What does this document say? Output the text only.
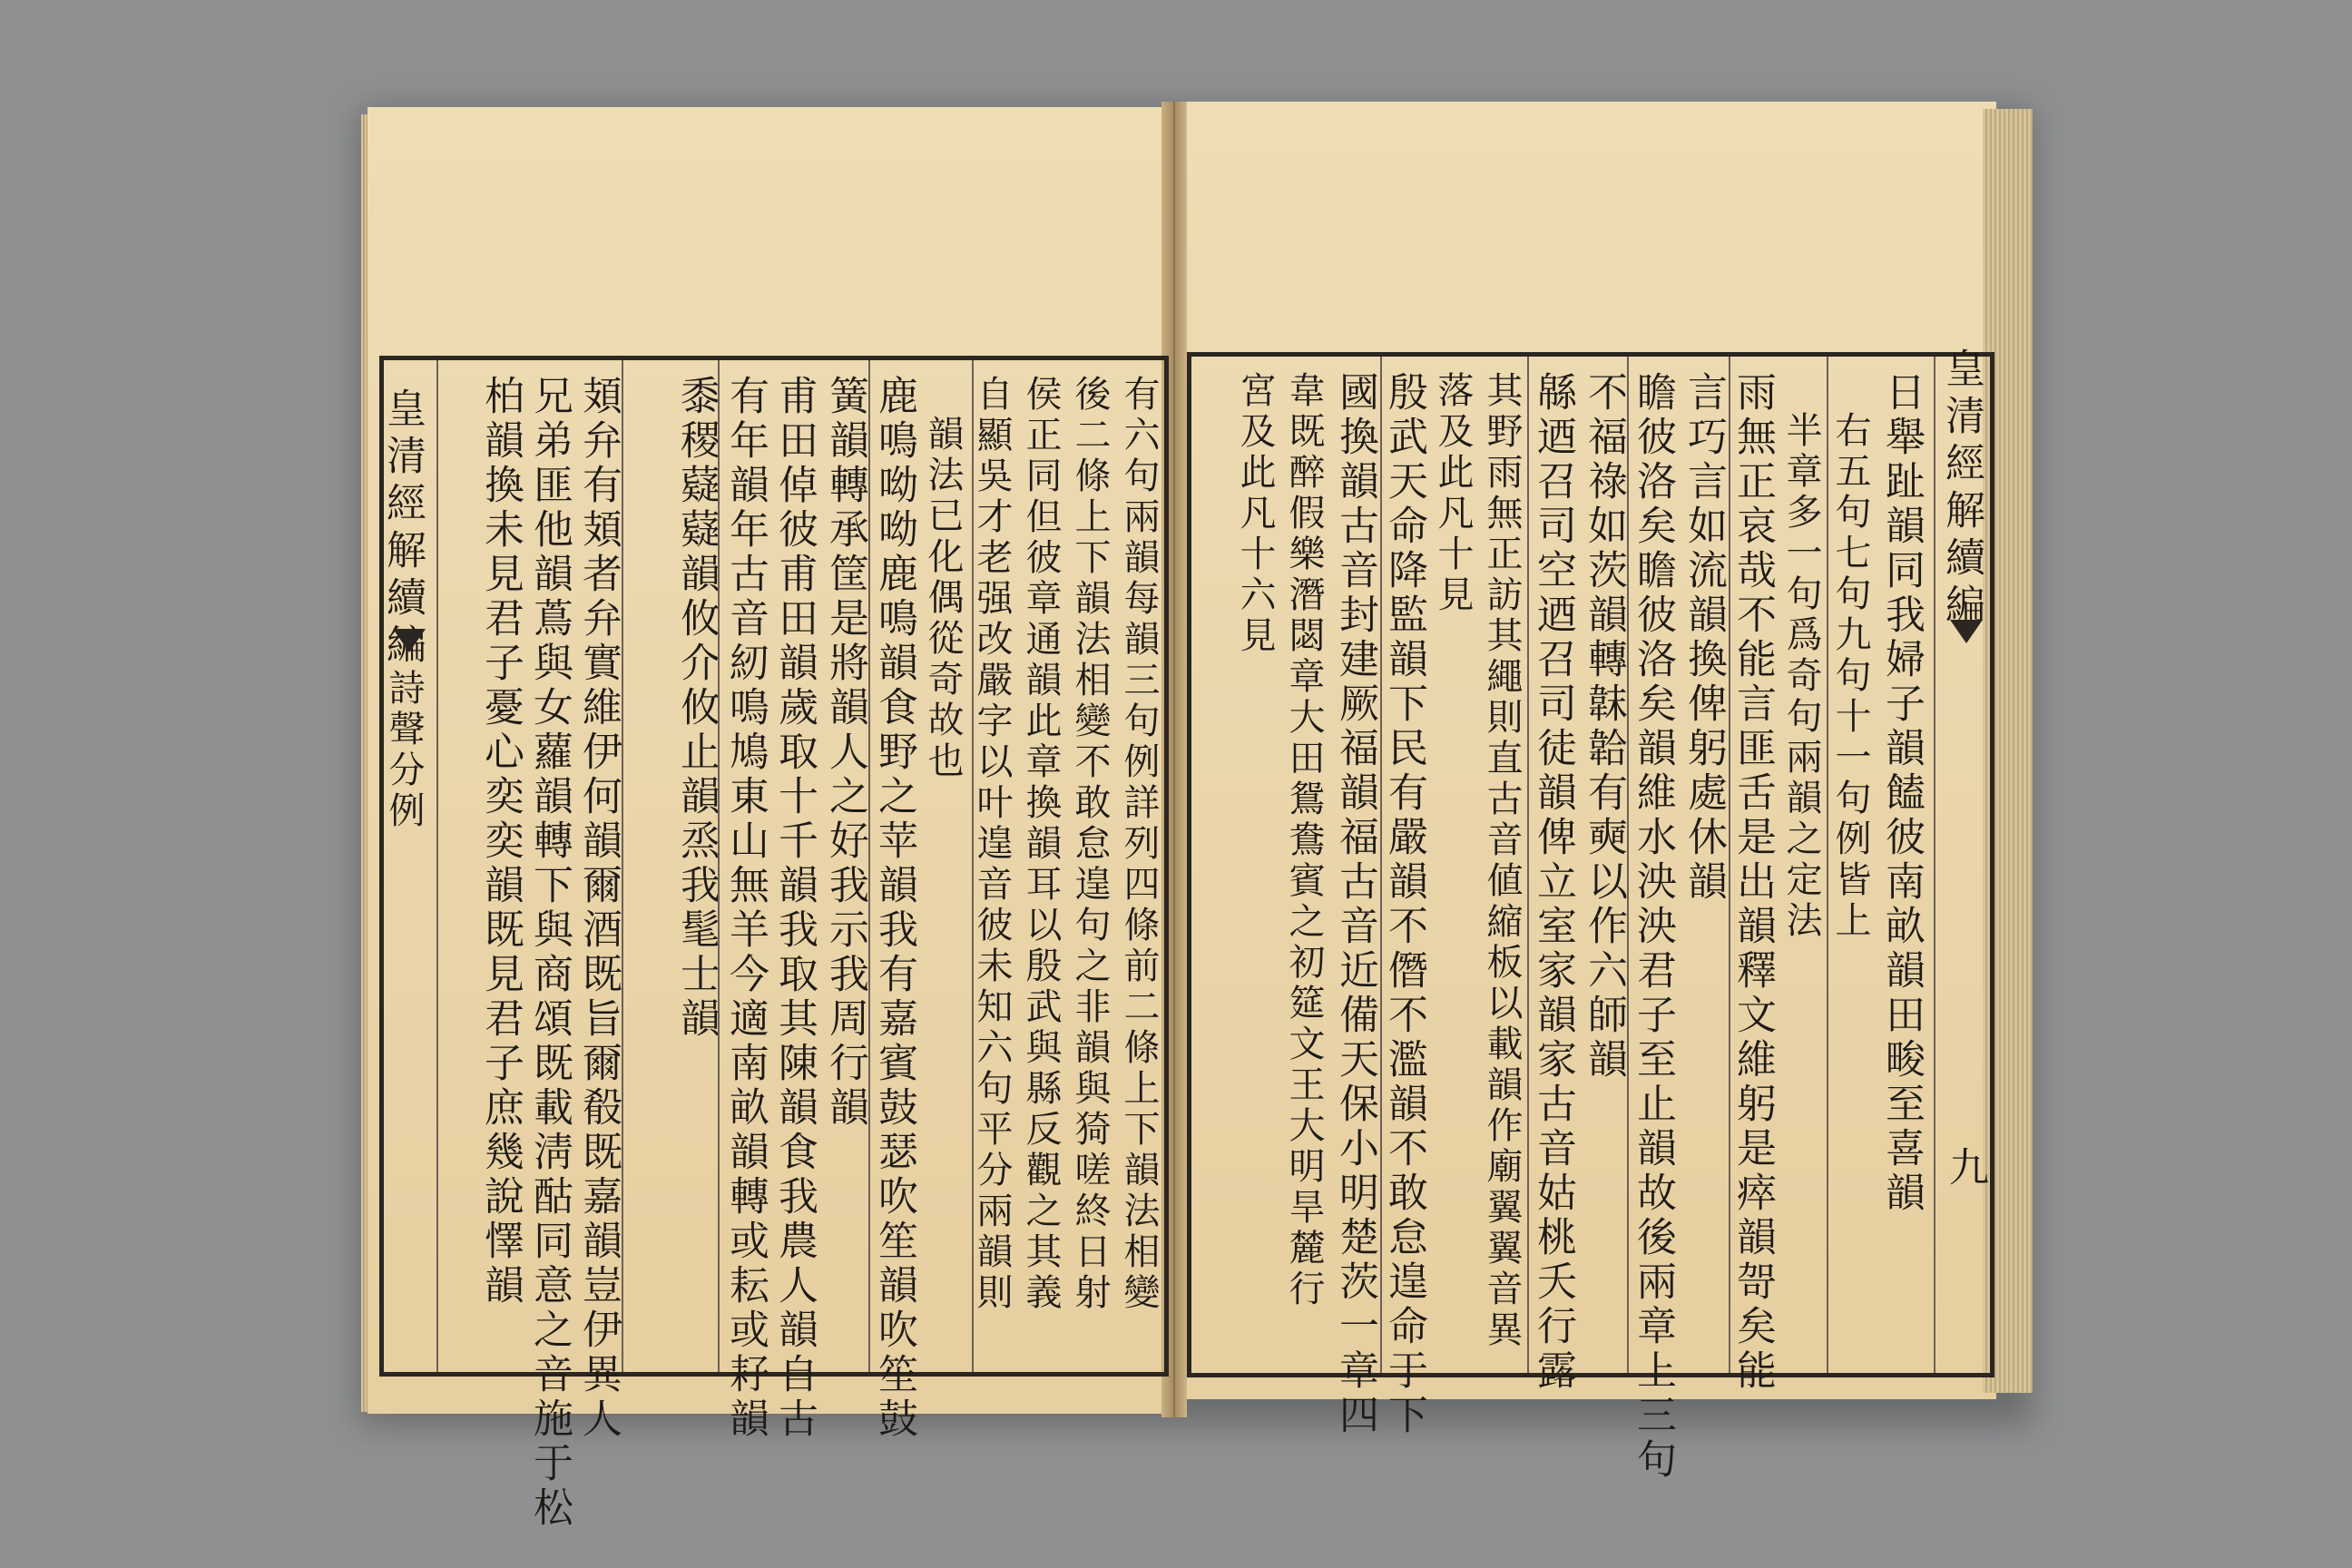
皇清經解續編
詩聲分例	有六句兩韻每韻三句例詳列四條前二條上下韻法相變
後二條上下韻法相變不敢怠遑句之非韻與猗嗟終日射
侯正同但彼章通韻此章換韻耳以殷武與縣反觀之其義
自顯吳才老强改嚴字以叶遑音彼未知六句平分兩韻則
韻法已化偶從奇故也
鹿鳴呦呦鹿鳴韻食野之苹韻我有嘉賓鼓瑟吹笙韻吹笙鼓
簧韻轉承筐是將韻人之好我示我周行韻
甫田倬彼甫田韻歲取十千韻我取其陳韻食我農人韻自古
有年韻年古音紉鳴鳩東山無羊今適南畝韻轉或耘或耔韻
黍稷薿薿韻攸介攸止韻烝我髦士韻
頍弁有頍者弁實維伊何韻爾酒既旨爾殽既嘉韻豈伊異人
兄弟匪他韻蔦與女蘿韻轉下與商頌既載淸酤同意之音施于松
柏韻換未見君子憂心奕奕韻既見君子庶幾說懌韻	皇清經解續編
九
日舉趾韻同我婦子韻饁彼南畝韻田畯至喜韻
右五句七句九句十一句例皆上
半章多一句爲奇句兩韻之定法
雨無正哀哉不能言匪舌是出韻釋文維躬是瘁韻哿矣能
言巧言如流韻換俾躬處休韻
瞻彼洛矣瞻彼洛矣韻維水泱泱君子至止韻故後兩章上三句
不福祿如茨韻轉韎韐有奭以作六師韻
緜迺召司空迺召司徒韻俾立室家韻家古音姑桃夭行露
其野雨無正訪其繩則直古音値縮板以載韻作廟翼翼音異
落及此凡十見
殷武天命降監韻下民有嚴韻不僭不濫韻不敢怠遑命于下
國換韻古音封建厥福韻福古音近備天保小明楚茨一章四
韋既醉假樂潛閟章大田鴛鴦賓之初筵文王大明旱麓行
宮及此凡十六見
